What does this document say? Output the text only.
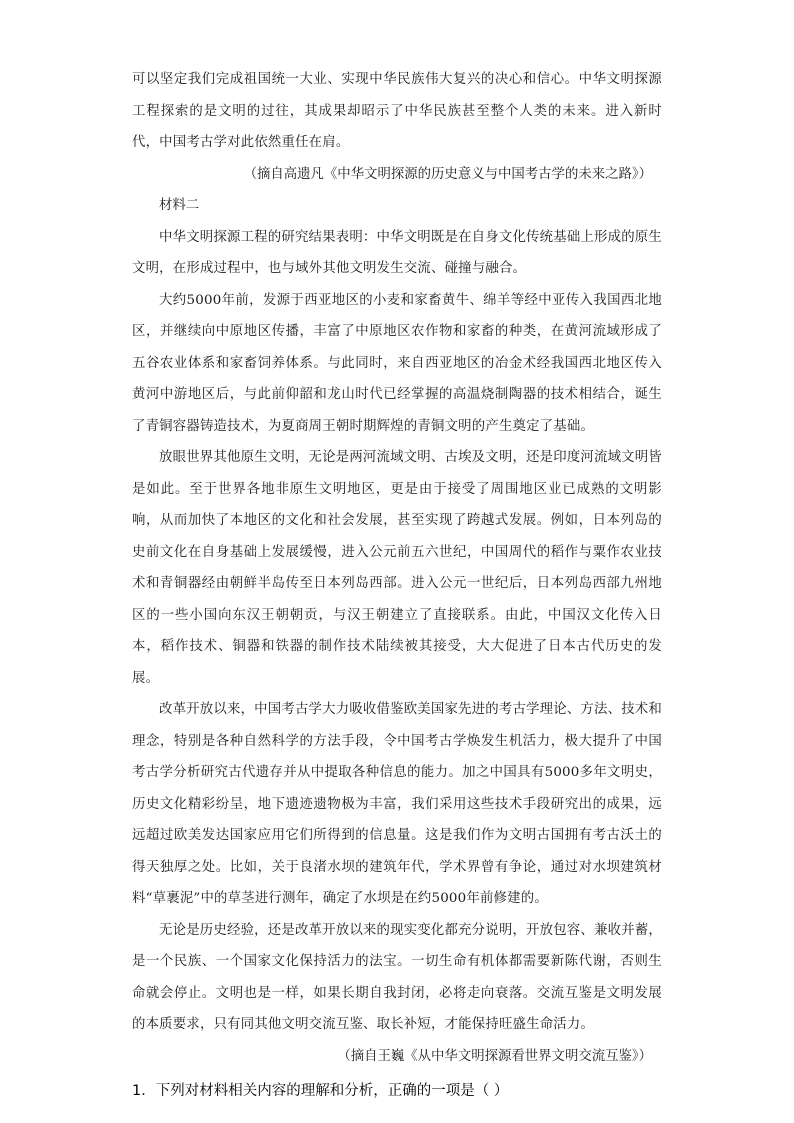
可以坚定我们完成祖国统一大业、实现中华民族伟大复兴的决心和信心。中华文明探源工程探索的是文明的过往，其成果却昭示了中华民族甚至整个人类的未来。进入新时代，中国考古学对此依然重任在肩。

（摘自高遗凡《中华文明探源的历史意义与中国考古学的未来之路》）

材料二

中华文明探源工程的研究结果表明：中华文明既是在自身文化传统基础上形成的原生文明，在形成过程中，也与域外其他文明发生交流、碰撞与融合。

大约5000年前，发源于西亚地区的小麦和家畜黄牛、绵羊等经中亚传入我国西北地区，并继续向中原地区传播，丰富了中原地区农作物和家畜的种类，在黄河流域形成了五谷农业体系和家畜饲养体系。与此同时，来自西亚地区的冶金术经我国西北地区传入黄河中游地区后，与此前仰韶和龙山时代已经掌握的高温烧制陶器的技术相结合，诞生了青铜容器铸造技术，为夏商周王朝时期辉煌的青铜文明的产生奠定了基础。

放眼世界其他原生文明，无论是两河流域文明、古埃及文明，还是印度河流域文明皆是如此。至于世界各地非原生文明地区，更是由于接受了周围地区业已成熟的文明影响，从而加快了本地区的文化和社会发展，甚至实现了跨越式发展。例如，日本列岛的史前文化在自身基础上发展缓慢，进入公元前五六世纪，中国周代的稻作与粟作农业技术和青铜器经由朝鲜半岛传至日本列岛西部。进入公元一世纪后，日本列岛西部九州地区的一些小国向东汉王朝朝贡，与汉王朝建立了直接联系。由此，中国汉文化传入日本，稻作技术、铜器和铁器的制作技术陆续被其接受，大大促进了日本古代历史的发展。

改革开放以来，中国考古学大力吸收借鉴欧美国家先进的考古学理论、方法、技术和理念，特别是各种自然科学的方法手段，令中国考古学焕发生机活力，极大提升了中国考古学分析研究古代遗存并从中提取各种信息的能力。加之中国具有5000多年文明史，历史文化精彩纷呈，地下遗迹遗物极为丰富，我们采用这些技术手段研究出的成果，远远超过欧美发达国家应用它们所得到的信息量。这是我们作为文明古国拥有考古沃土的得天独厚之处。比如，关于良渚水坝的建筑年代，学术界曾有争论，通过对水坝建筑材料“草裹泥”中的草茎进行测年，确定了水坝是在约5000年前修建的。

无论是历史经验，还是改革开放以来的现实变化都充分说明，开放包容、兼收并蓄，是一个民族、一个国家文化保持活力的法宝。一切生命有机体都需要新陈代谢，否则生命就会停止。文明也是一样，如果长期自我封闭，必将走向衰落。交流互鉴是文明发展的本质要求，只有同其他文明交流互鉴、取长补短，才能保持旺盛生命活力。

（摘自王巍《从中华文明探源看世界文明交流互鉴》）

1．下列对材料相关内容的理解和分析，正确的一项是（ ）
